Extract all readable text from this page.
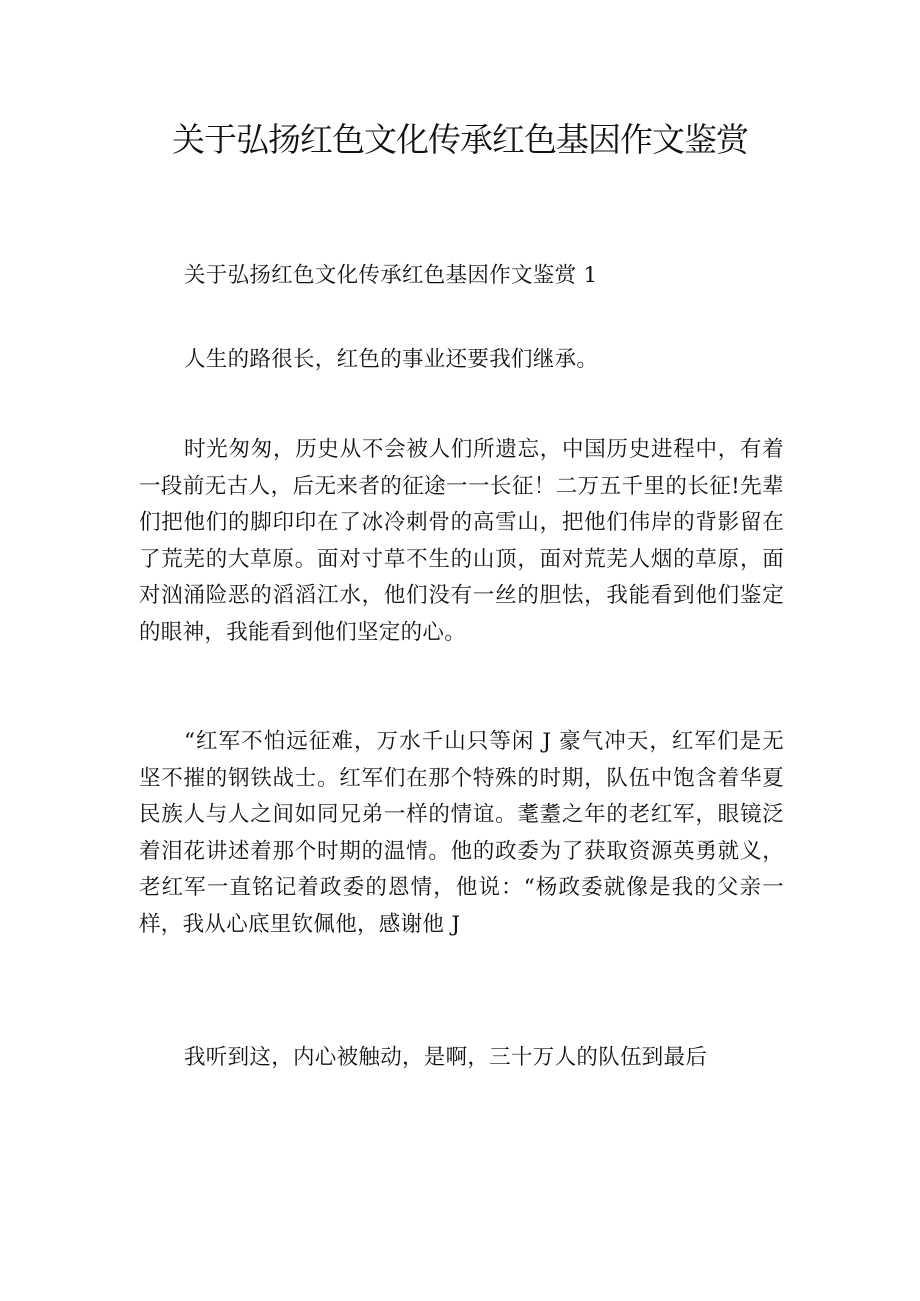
关于弘扬红色文化传承红色基因作文鉴赏

关于弘扬红色文化传承红色基因作文鉴赏 1

人生的路很长，红色的事业还要我们继承。

时光匆匆，历史从不会被人们所遗忘，中国历史进程中，有着一段前无古人，后无来者的征途一一长征！二万五千里的长征!先辈们把他们的脚印印在了冰冷刺骨的高雪山，把他们伟岸的背影留在了荒芜的大草原。面对寸草不生的山顶，面对荒芜人烟的草原，面对汹涌险恶的滔滔江水，他们没有一丝的胆怯，我能看到他们鉴定的眼神，我能看到他们坚定的心。

“红军不怕远征难，万水千山只等闲 J 豪气冲天，红军们是无坚不摧的钢铁战士。红军们在那个特殊的时期，队伍中饱含着华夏民族人与人之间如同兄弟一样的情谊。耄耋之年的老红军，眼镜泛着泪花讲述着那个时期的温情。他的政委为了获取资源英勇就义，老红军一直铭记着政委的恩情，他说：“杨政委就像是我的父亲一样，我从心底里钦佩他，感谢他 J

我听到这，内心被触动，是啊，三十万人的队伍到最后
